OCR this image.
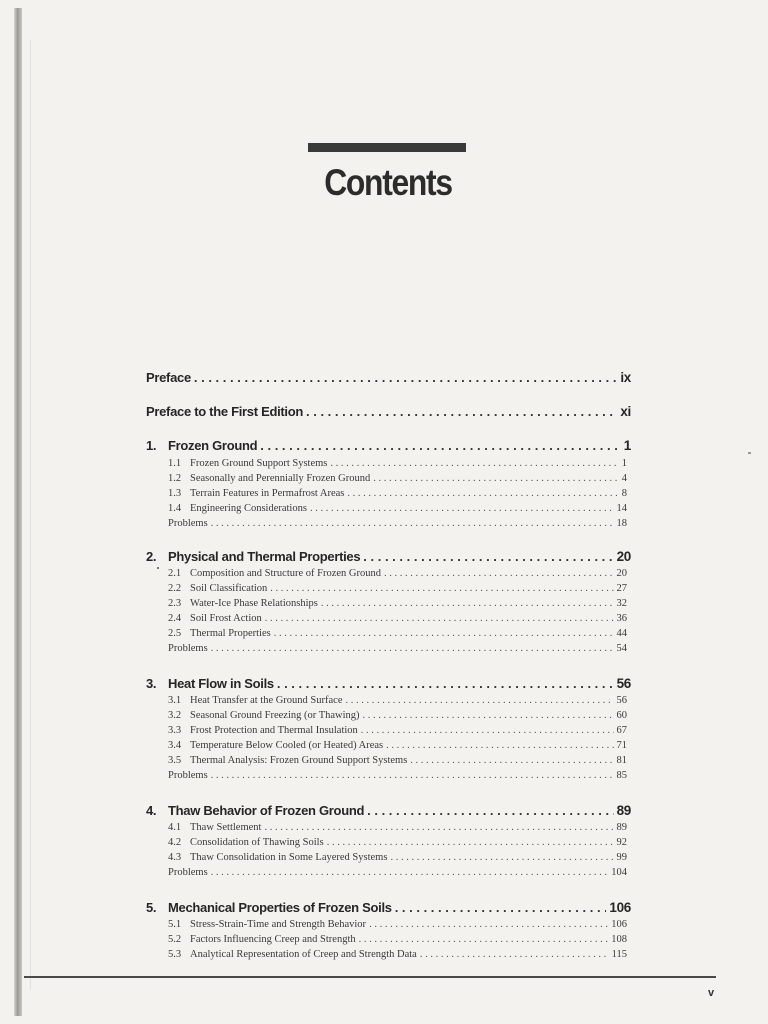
Contents
Preface . . .	ix
Preface to the First Edition . . .	xi
1. Frozen Ground . . .	1
1.1 Frozen Ground Support Systems . . .	1
1.2 Seasonally and Perennially Frozen Ground . . .	4
1.3 Terrain Features in Permafrost Areas . . .	8
1.4 Engineering Considerations . . .	14
Problems . . .	18
2. Physical and Thermal Properties . . .	20
2.1 Composition and Structure of Frozen Ground . . .	20
2.2 Soil Classification . . .	27
2.3 Water-Ice Phase Relationships . . .	32
2.4 Soil Frost Action . . .	36
2.5 Thermal Properties . . .	44
Problems . . .	54
3. Heat Flow in Soils . . .	56
3.1 Heat Transfer at the Ground Surface . . .	56
3.2 Seasonal Ground Freezing (or Thawing) . . .	60
3.3 Frost Protection and Thermal Insulation . . .	67
3.4 Temperature Below Cooled (or Heated) Areas . . .	71
3.5 Thermal Analysis: Frozen Ground Support Systems . . .	81
Problems . . .	85
4. Thaw Behavior of Frozen Ground . . .	89
4.1 Thaw Settlement . . .	89
4.2 Consolidation of Thawing Soils . . .	92
4.3 Thaw Consolidation in Some Layered Systems . . .	99
Problems . . .	104
5. Mechanical Properties of Frozen Soils . . .	106
5.1 Stress-Strain-Time and Strength Behavior . . .	106
5.2 Factors Influencing Creep and Strength . . .	108
5.3 Analytical Representation of Creep and Strength Data . . .	115
v
